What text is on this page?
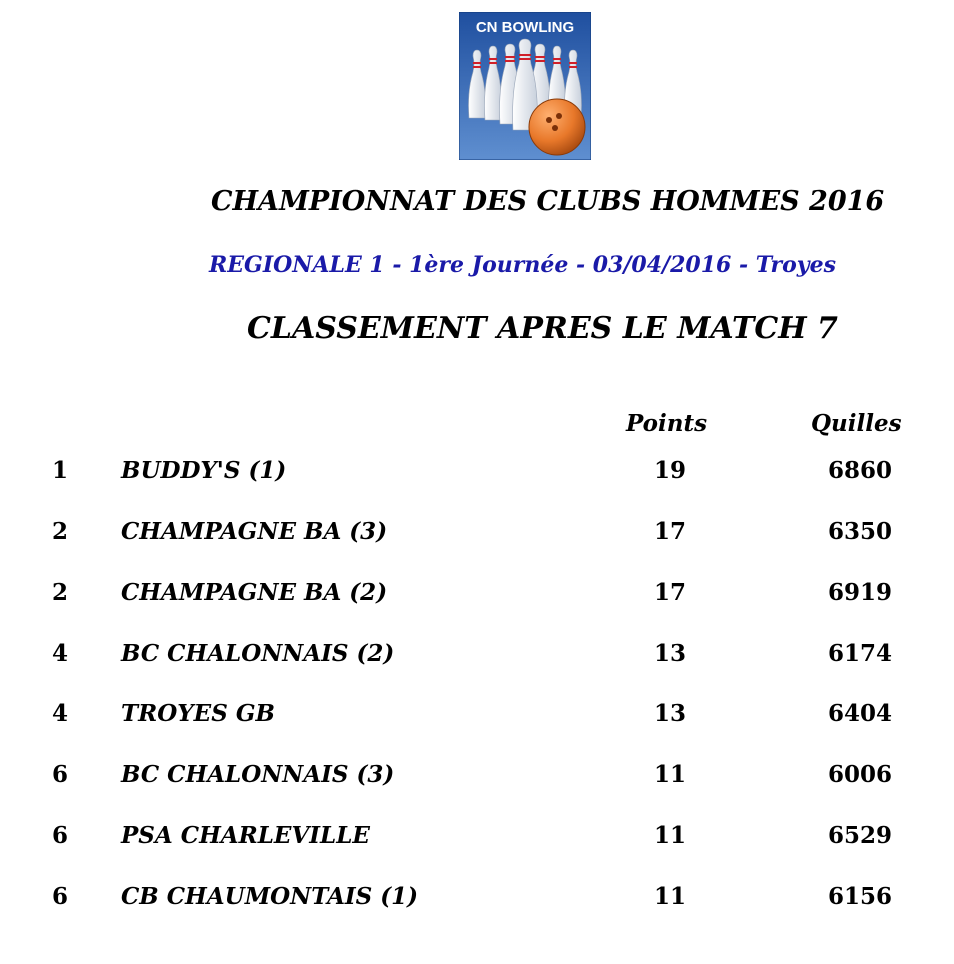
CN BOWLING
CHAMPIONNAT DES CLUBS HOMMES 2016
REGIONALE 1 - 1ère Journée - 03/04/2016 - Troyes
CLASSEMENT APRES LE MATCH 7
Points	Quilles
1 BUDDY'S (1)	19	6860
2 CHAMPAGNE BA (3)	17	6350
2 CHAMPAGNE BA (2)	17	6919
4 BC CHALONNAIS (2)	13	6174
4 TROYES GB	13	6404
6 BC CHALONNAIS (3)	11	6006
6 PSA CHARLEVILLE	11	6529
6 CB CHAUMONTAIS (1)	11	6156
